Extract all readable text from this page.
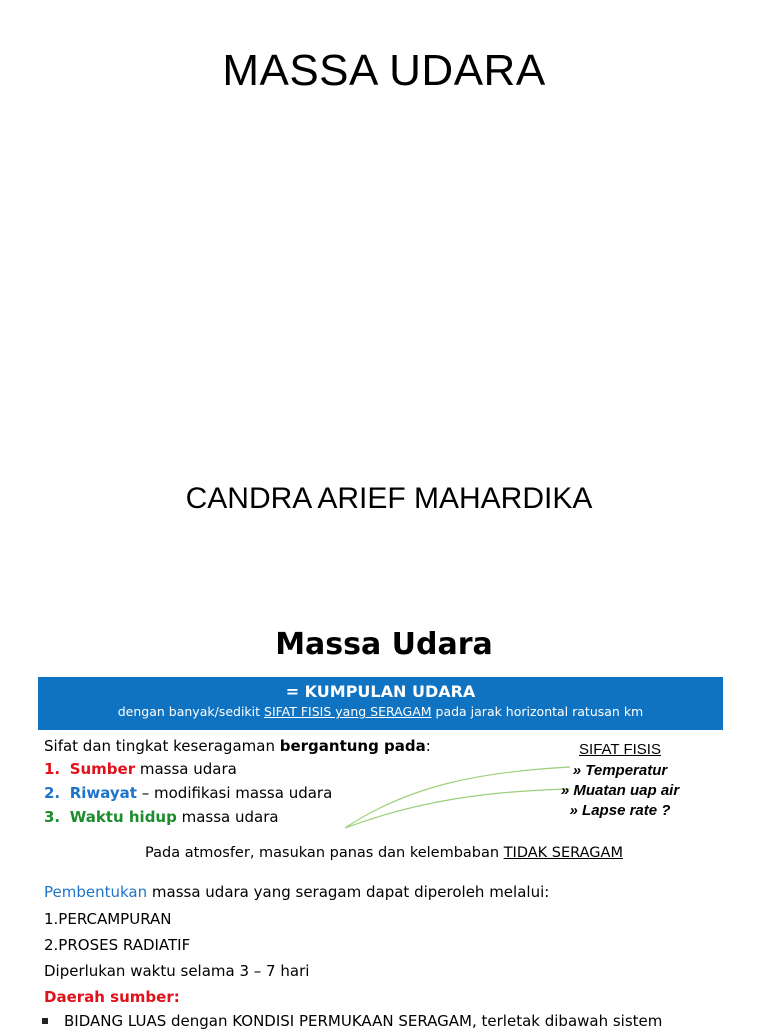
MASSA UDARA
CANDRA ARIEF MAHARDIKA
Massa Udara
= KUMPULAN UDARA
dengan banyak/sedikit SIFAT FISIS yang SERAGAM pada jarak horizontal ratusan km
Sifat dan tingkat keseragaman bergantung pada:
1. Sumber massa udara
2. Riwayat – modifikasi massa udara
3. Waktu hidup massa udara
SIFAT FISIS
» Temperatur
» Muatan uap air
» Lapse rate ?
Pada atmosfer, masukan panas dan kelembaban TIDAK SERAGAM
Pembentukan massa udara yang seragam dapat diperoleh melalui:
1.PERCAMPURAN
2.PROSES RADIATIF
Diperlukan waktu selama 3 – 7 hari
Daerah sumber:
BIDANG LUAS dengan KONDISI PERMUKAAN SERAGAM, terletak dibawah sistem
